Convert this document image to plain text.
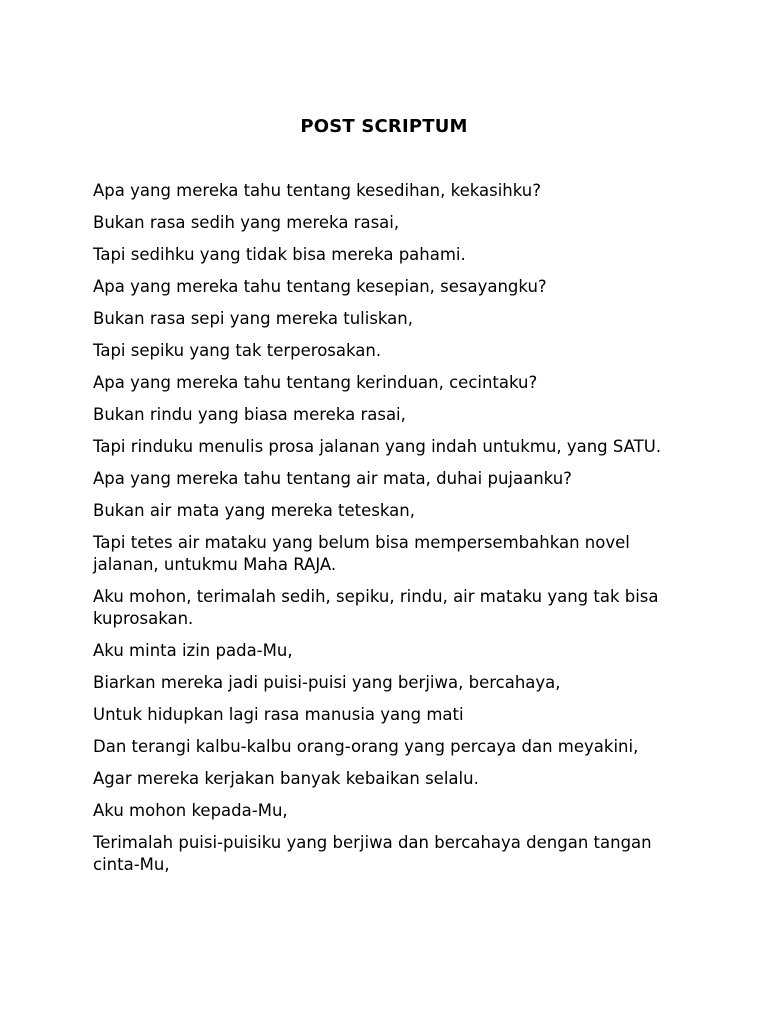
POST SCRIPTUM
Apa yang mereka tahu tentang kesedihan, kekasihku?
Bukan rasa sedih yang mereka rasai,
Tapi sedihku yang tidak bisa mereka pahami.
Apa yang mereka tahu tentang kesepian, sesayangku?
Bukan rasa sepi yang mereka tuliskan,
Tapi sepiku yang tak terperosakan.
Apa yang mereka tahu tentang kerinduan, cecintaku?
Bukan rindu yang biasa mereka rasai,
Tapi rinduku menulis prosa jalanan yang indah untukmu, yang SATU.
Apa yang mereka tahu tentang air mata, duhai pujaanku?
Bukan air mata yang mereka teteskan,
Tapi tetes air mataku yang belum bisa mempersembahkan novel jalanan, untukmu Maha RAJA.
Aku mohon, terimalah sedih, sepiku, rindu, air mataku yang tak bisa kuprosakan.
Aku minta izin pada-Mu,
Biarkan mereka jadi puisi-puisi yang berjiwa, bercahaya,
Untuk hidupkan lagi rasa manusia yang mati
Dan terangi kalbu-kalbu orang-orang yang percaya dan meyakini,
Agar mereka kerjakan banyak kebaikan selalu.
Aku mohon kepada-Mu,
Terimalah puisi-puisiku yang berjiwa dan bercahaya dengan tangan cinta-Mu,
